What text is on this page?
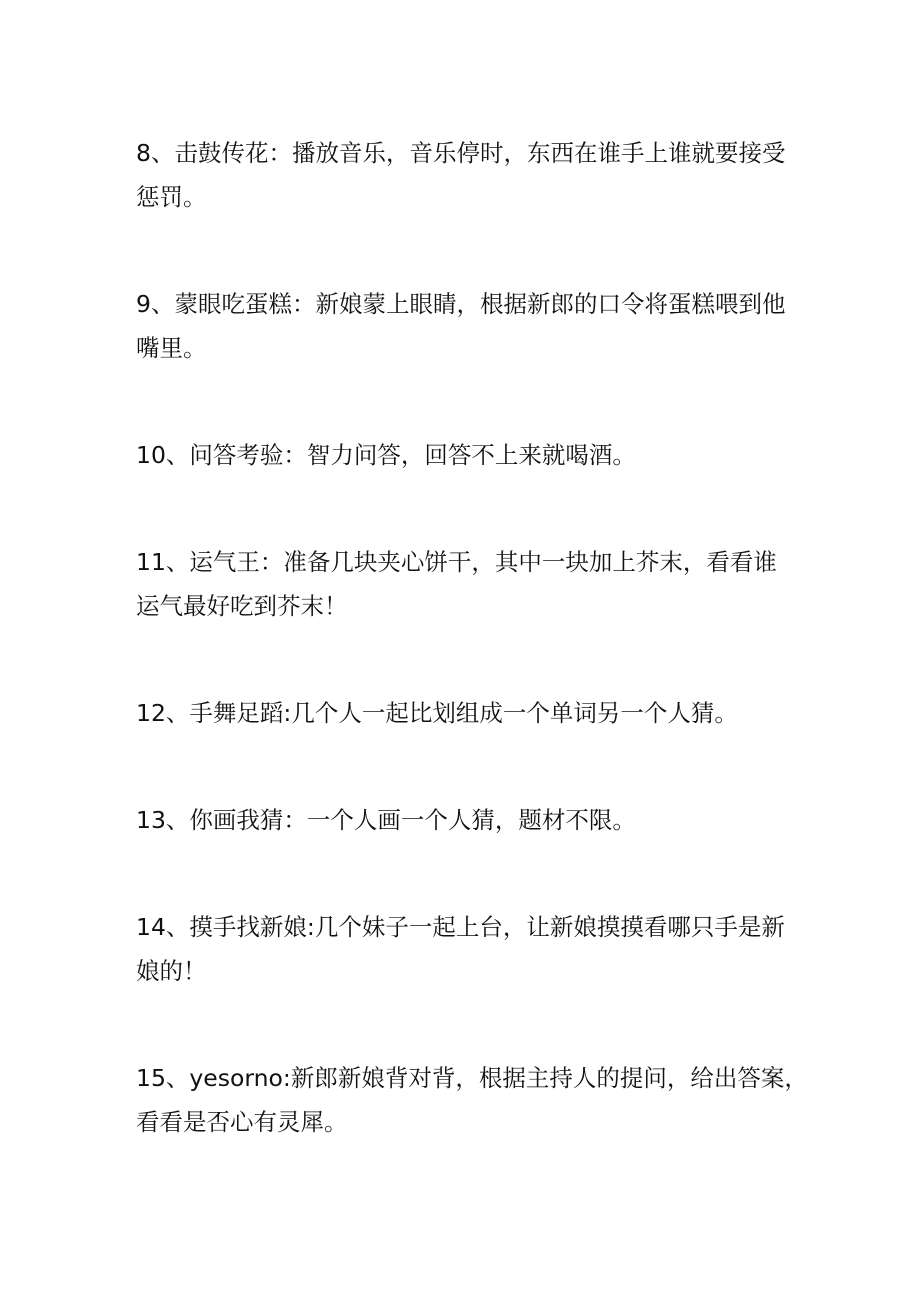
8、击鼓传花：播放音乐，音乐停时，东西在谁手上谁就要接受
惩罚。
9、蒙眼吃蛋糕：新娘蒙上眼睛，根据新郎的口令将蛋糕喂到他
嘴里。
10、问答考验：智力问答，回答不上来就喝酒。
11、运气王：准备几块夹心饼干，其中一块加上芥末，看看谁
运气最好吃到芥末！
12、手舞足蹈:几个人一起比划组成一个单词另一个人猜。
13、你画我猜：一个人画一个人猜，题材不限。
14、摸手找新娘:几个妹子一起上台，让新娘摸摸看哪只手是新
娘的！
15、yesorno:新郎新娘背对背，根据主持人的提问，给出答案，
看看是否心有灵犀。
